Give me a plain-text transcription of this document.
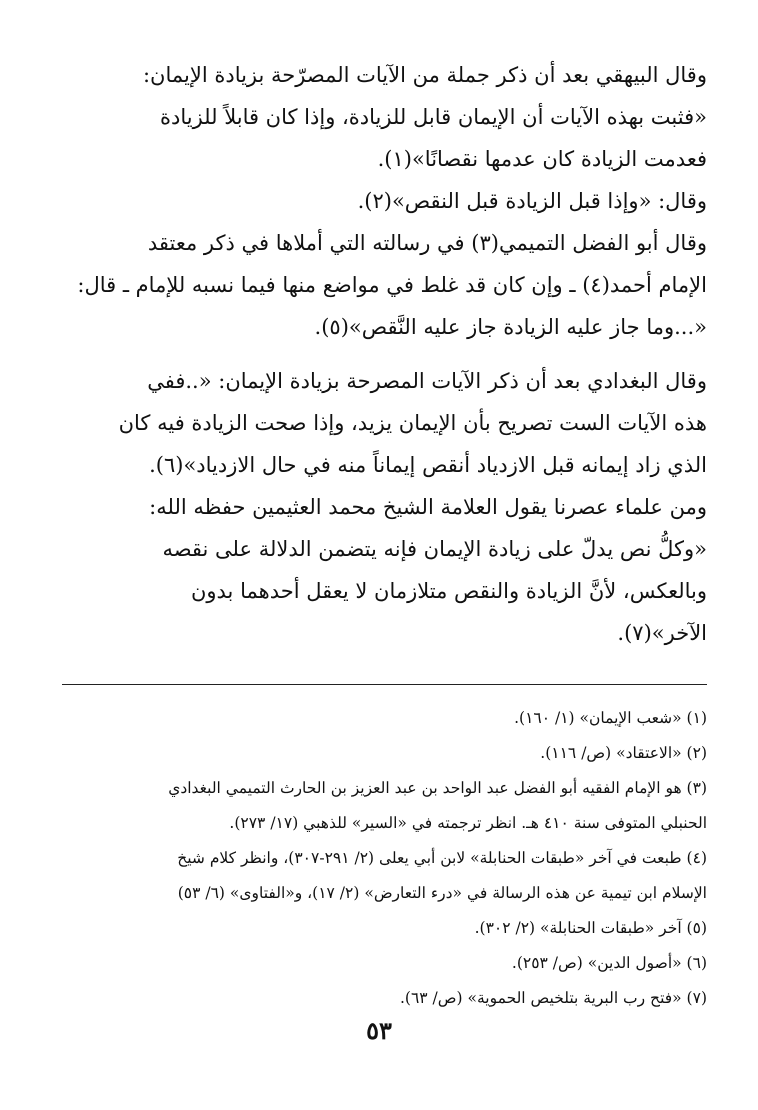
وقال البيهقي بعد أن ذكر جملة من الآيات المصرّحة بزيادة الإيمان:

«فثبت بهذه الآيات أن الإيمان قابل للزيادة، وإذا كان قابلاً للزيادة

فعدمت الزيادة كان عدمها نقصانًا»(١).

وقال: «وإذا قبل الزيادة قبل النقص»(٢).

وقال أبو الفضل التميمي(٣) في رسالته التي أملاها في ذكر معتقد

الإمام أحمد(٤) ـ وإن كان قد غلط في مواضع منها فيما نسبه للإمام ـ قال:

«...وما جاز عليه الزيادة جاز عليه النَّقص»(٥).

وقال البغدادي بعد أن ذكر الآيات المصرحة بزيادة الإيمان: «..ففي

هذه الآيات الست تصريح بأن الإيمان يزيد، وإذا صحت الزيادة فيه كان

الذي زاد إيمانه قبل الازدياد أنقص إيماناً منه في حال الازدياد»(٦).

ومن علماء عصرنا يقول العلامة الشيخ محمد العثيمين حفظه الله:

«وكلُّ نص يدلّ على زيادة الإيمان فإنه يتضمن الدلالة على نقصه

وبالعكس، لأنَّ الزيادة والنقص متلازمان لا يعقل أحدهما بدون

الآخر»(٧).

(١) «شعب الإيمان» (١/ ١٦٠).

(٢) «الاعتقاد» (ص/ ١١٦).

(٣) هو الإمام الفقيه أبو الفضل عبد الواحد بن عبد العزيز بن الحارث التميمي البغدادي

الحنبلي المتوفى سنة ٤١٠ هـ. انظر ترجمته في «السير» للذهبي (١٧/ ٢٧٣).

(٤) طبعت في آخر «طبقات الحنابلة» لابن أبي يعلى (٢/ ٢٩١-٣٠٧)، وانظر كلام شيخ

الإسلام ابن تيمية عن هذه الرسالة في «درء التعارض» (٢/ ١٧)، و«الفتاوى» (٦/ ٥٣)

(٥) آخر «طبقات الحنابلة» (٢/ ٣٠٢).

(٦) «أصول الدين» (ص/ ٢٥٣).

(٧) «فتح رب البرية بتلخيص الحموية» (ص/ ٦٣).

٥٣
